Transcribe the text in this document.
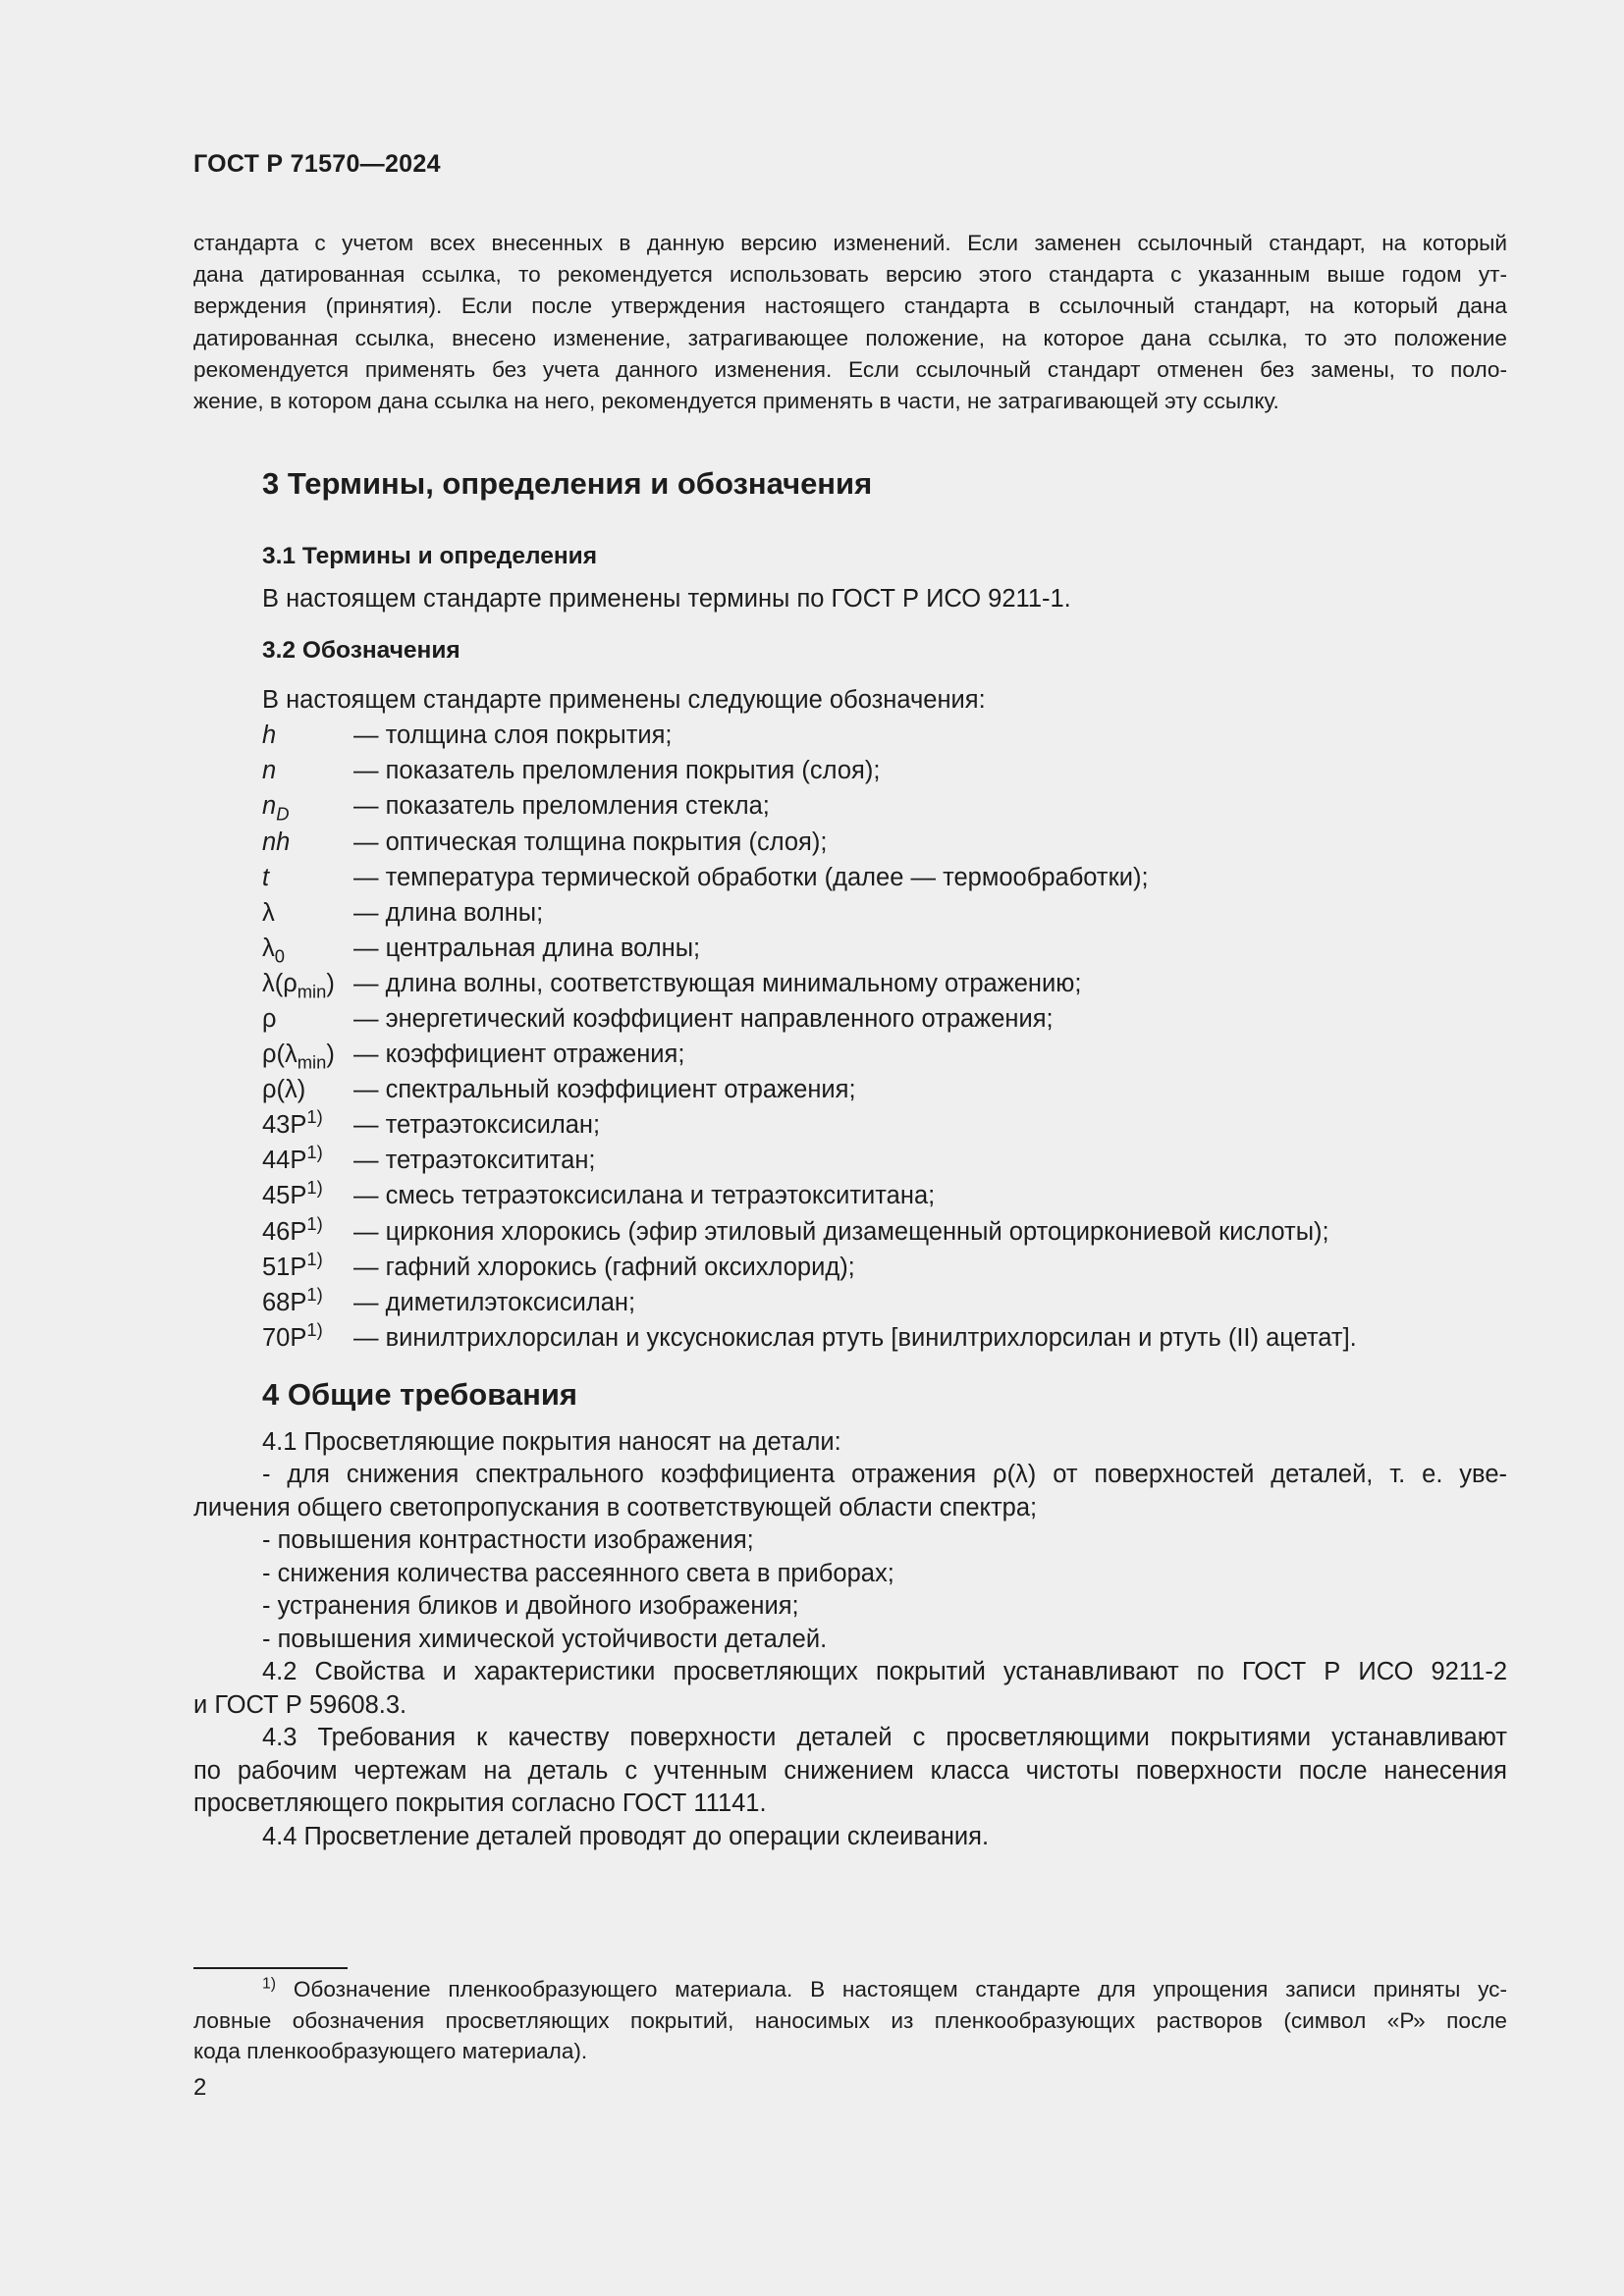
ГОСТ Р 71570—2024

стандарта с учетом всех внесенных в данную версию изменений. Если заменен ссылочный стандарт, на который
дана датированная ссылка, то рекомендуется использовать версию этого стандарта с указанным выше годом ут-
верждения (принятия). Если после утверждения настоящего стандарта в ссылочный стандарт, на который дана
датированная ссылка, внесено изменение, затрагивающее положение, на которое дана ссылка, то это положение
рекомендуется применять без учета данного изменения. Если ссылочный стандарт отменен без замены, то поло-
жение, в котором дана ссылка на него, рекомендуется применять в части, не затрагивающей эту ссылку.
3 Термины, определения и обозначения
3.1 Термины и определения

В настоящем стандарте применены термины по ГОСТ Р ИСО 9211-1.

3.2 Обозначения

В настоящем стандарте применены следующие обозначения:

h	— толщина слоя покрытия;
n	— показатель преломления покрытия (слоя);
$n_D$	— показатель преломления стекла;
nh	— оптическая толщина покрытия (слоя);
t	— температура термической обработки (далее — термообработки);
λ	— длина волны;
$\lambda_0$	— центральная длина волны;
$\lambda(\rho_{min})$ — длина волны, соответствующая минимальному отражению;
ρ	— энергетический коэффициент направленного отражения;
$\rho(\lambda_{min})$ — коэффициент отражения;
ρ(λ)	— спектральный коэффициент отражения;
$43Р^{1)}$	— тетраэтоксисилан;
$44Р^{1)}$	— тетраэтоксититан;
$45Р^{1)}$	— смесь тетраэтоксисилана и тетраэтоксититана;
$46Р^{1)}$	— циркония хлорокись (эфир этиловый дизамещенный ортоциркониевой кислоты);
$51Р^{1)}$	— гафний хлорокись (гафний оксихлорид);
$68Р^{1)}$	— диметилэтоксисилан;
$70Р^{1)}$	— винилтрихлорсилан и уксуснокислая ртуть [винилтрихлорсилан и ртуть (II) ацетат].
4 Общие требования
4.1 Просветляющие покрытия наносят на детали:
- для снижения спектрального коэффициента отражения ρ(λ) от поверхностей деталей, т. е. уве-
личения общего светопропускания в соответствующей области спектра;
- повышения контрастности изображения;
- снижения количества рассеянного света в приборах;
- устранения бликов и двойного изображения;
- повышения химической устойчивости деталей.
4.2 Свойства и характеристики просветляющих покрытий устанавливают по ГОСТ Р ИСО 9211-2
и ГОСТ Р 59608.3.
4.3 Требования к качеству поверхности деталей с просветляющими покрытиями устанавливают
по рабочим чертежам на деталь с учтенным снижением класса чистоты поверхности после нанесения
просветляющего покрытия согласно ГОСТ 11141.
4.4 Просветление деталей проводят до операции склеивания.
$^{1)}$ Обозначение пленкообразующего материала. В настоящем стандарте для упрощения записи приняты ус-
ловные обозначения просветляющих покрытий, наносимых из пленкообразующих растворов (символ «Р» после
кода пленкообразующего материала).
2
